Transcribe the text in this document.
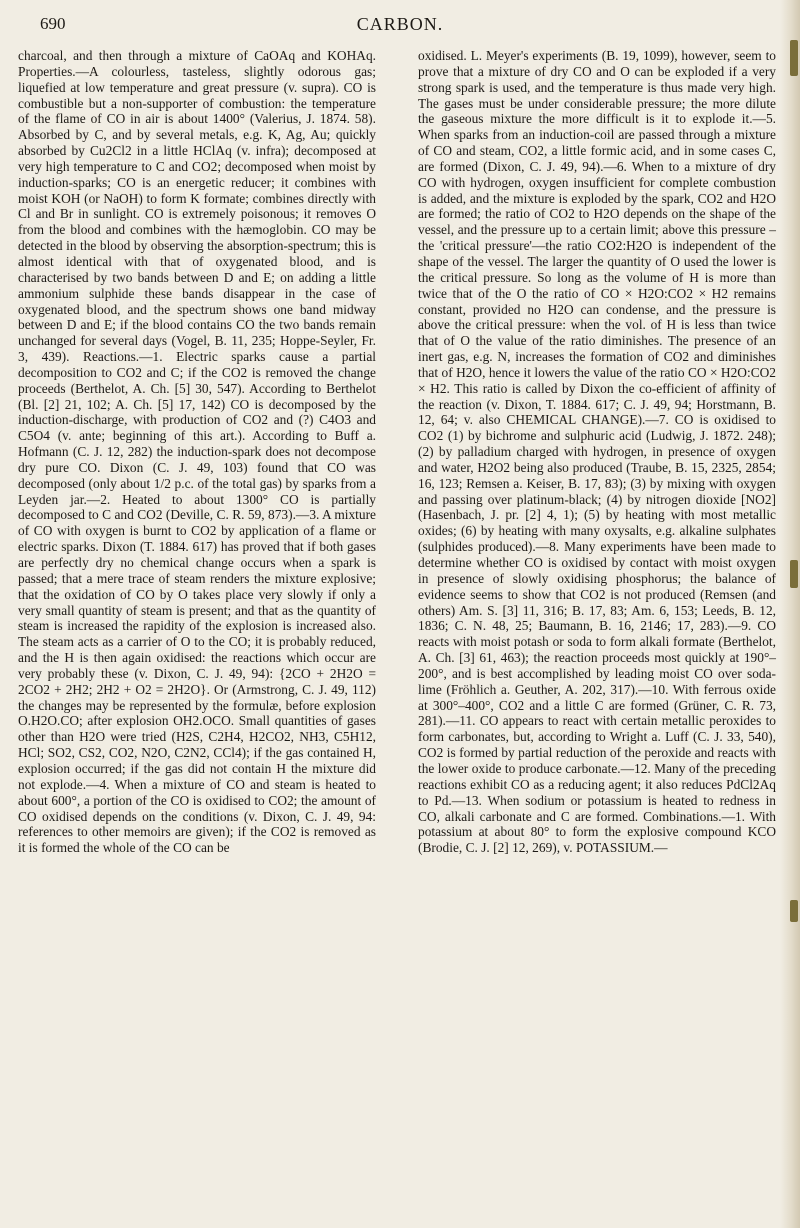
690	CARBON.

charcoal, and then through a mixture of CaOAq and KOHAq. Properties.—A colourless, tasteless, slightly odorous gas; liquefied at low temperature and great pressure (v. supra). CO is combustible but a non-supporter of combustion: the temperature of the flame of CO in air is about 1400° (Valerius, J. 1874. 58). Absorbed by C, and by several metals, e.g. K, Ag, Au; quickly absorbed by Cu2Cl2 in a little HClAq (v. infra); decomposed at very high temperature to C and CO2; decomposed when moist by induction-sparks; CO is an energetic reducer; it combines with moist KOH (or NaOH) to form K formate; combines directly with Cl and Br in sunlight. CO is extremely poisonous; it removes O from the blood and combines with the hæmoglobin. CO may be detected in the blood by observing the absorption-spectrum; this is almost identical with that of oxygenated blood, and is characterised by two bands between D and E; on adding a little ammonium sulphide these bands disappear in the case of oxygenated blood, and the spectrum shows one band midway between D and E; if the blood contains CO the two bands remain unchanged for several days (Vogel, B. 11, 235; Hoppe-Seyler, Fr. 3, 439). Reactions.—1. Electric sparks cause a partial decomposition to CO2 and C; if the CO2 is removed the change proceeds (Berthelot, A. Ch. [5] 30, 547). According to Berthelot (Bl. [2] 21, 102; A. Ch. [5] 17, 142) CO is decomposed by the induction-discharge, with production of CO2 and (?) C4O3 and C5O4 (v. ante; beginning of this art.). According to Buff a. Hofmann (C. J. 12, 282) the induction-spark does not decompose dry pure CO. Dixon (C. J. 49, 103) found that CO was decomposed (only about 1/2 p.c. of the total gas) by sparks from a Leyden jar.—2. Heated to about 1300° CO is partially decomposed to C and CO2 (Deville, C. R. 59, 873).—3. A mixture of CO with oxygen is burnt to CO2 by application of a flame or electric sparks. Dixon (T. 1884. 617) has proved that if both gases are perfectly dry no chemical change occurs when a spark is passed; that a mere trace of steam renders the mixture explosive; that the oxidation of CO by O takes place very slowly if only a very small quantity of steam is present; and that as the quantity of steam is increased the rapidity of the explosion is increased also. The steam acts as a carrier of O to the CO; it is probably reduced, and the H is then again oxidised: the reactions which occur are very probably these (v. Dixon, C. J. 49, 94): {2CO + 2H2O = 2CO2 + 2H2; 2H2 + O2 = 2H2O}. Or (Armstrong, C. J. 49, 112) the changes may be represented by the formulæ, before explosion O.H2O.CO; after explosion OH2.OCO. Small quantities of gases other than H2O were tried (H2S, C2H4, H2CO2, NH3, C5H12, HCl; SO2, CS2, CO2, N2O, C2N2, CCl4); if the gas contained H, explosion occurred; if the gas did not contain H the mixture did not explode.—4. When a mixture of CO and steam is heated to about 600°, a portion of the CO is oxidised to CO2; the amount of CO oxidised depends on the conditions (v. Dixon, C. J. 49, 94: references to other memoirs are given); if the CO2 is removed as it is formed the whole of the CO can be

oxidised. L. Meyer's experiments (B. 19, 1099), however, seem to prove that a mixture of dry CO and O can be exploded if a very strong spark is used, and the temperature is thus made very high. The gases must be under considerable pressure; the more dilute the gaseous mixture the more difficult is it to explode it.—5. When sparks from an induction-coil are passed through a mixture of CO and steam, CO2, a little formic acid, and in some cases C, are formed (Dixon, C. J. 49, 94).—6. When to a mixture of dry CO with hydrogen, oxygen insufficient for complete combustion is added, and the mixture is exploded by the spark, CO2 and H2O are formed; the ratio of CO2 to H2O depends on the shape of the vessel, and the pressure up to a certain limit; above this pressure – the 'critical pressure'—the ratio CO2:H2O is independent of the shape of the vessel. The larger the quantity of O used the lower is the critical pressure. So long as the volume of H is more than twice that of the O the ratio of CO × H2O:CO2 × H2 remains constant, provided no H2O can condense, and the pressure is above the critical pressure: when the vol. of H is less than twice that of O the value of the ratio diminishes. The presence of an inert gas, e.g. N, increases the formation of CO2 and diminishes that of H2O, hence it lowers the value of the ratio CO × H2O:CO2 × H2. This ratio is called by Dixon the co-efficient of affinity of the reaction (v. Dixon, T. 1884. 617; C. J. 49, 94; Horstmann, B. 12, 64; v. also CHEMICAL CHANGE).—7. CO is oxidised to CO2 (1) by bichrome and sulphuric acid (Ludwig, J. 1872. 248); (2) by palladium charged with hydrogen, in presence of oxygen and water, H2O2 being also produced (Traube, B. 15, 2325, 2854; 16, 123; Remsen a. Keiser, B. 17, 83); (3) by mixing with oxygen and passing over platinum-black; (4) by nitrogen dioxide [NO2] (Hasenbach, J. pr. [2] 4, 1); (5) by heating with most metallic oxides; (6) by heating with many oxysalts, e.g. alkaline sulphates (sulphides produced).—8. Many experiments have been made to determine whether CO is oxidised by contact with moist oxygen in presence of slowly oxidising phosphorus; the balance of evidence seems to show that CO2 is not produced (Remsen (and others) Am. S. [3] 11, 316; B. 17, 83; Am. 6, 153; Leeds, B. 12, 1836; C. N. 48, 25; Baumann, B. 16, 2146; 17, 283).—9. CO reacts with moist potash or soda to form alkali formate (Berthelot, A. Ch. [3] 61, 463); the reaction proceeds most quickly at 190°–200°, and is best accomplished by leading moist CO over soda-lime (Fröhlich a. Geuther, A. 202, 317).—10. With ferrous oxide at 300°–400°, CO2 and a little C are formed (Grüner, C. R. 73, 281).—11. CO appears to react with certain metallic peroxides to form carbonates, but, according to Wright a. Luff (C. J. 33, 540), CO2 is formed by partial reduction of the peroxide and reacts with the lower oxide to produce carbonate.—12. Many of the preceding reactions exhibit CO as a reducing agent; it also reduces PdCl2Aq to Pd.—13. When sodium or potassium is heated to redness in CO, alkali carbonate and C are formed. Combinations.—1. With potassium at about 80° to form the explosive compound KCO (Brodie, C. J. [2] 12, 269), v. POTASSIUM.—
